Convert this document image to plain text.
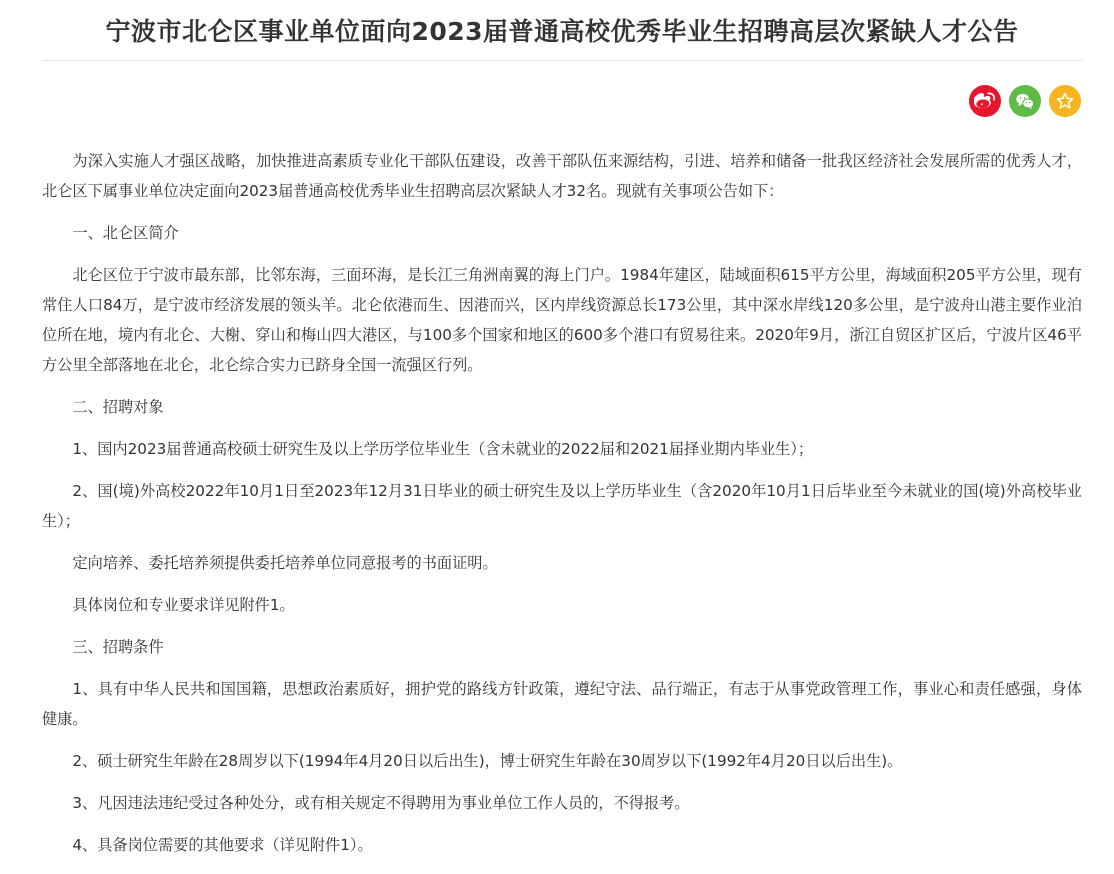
宁波市北仑区事业单位面向2023届普通高校优秀毕业生招聘高层次紧缺人才公告

为深入实施人才强区战略，加快推进高素质专业化干部队伍建设，改善干部队伍来源结构，引进、培养和储备一批我区经济社会发展所需的优秀人才，北仑区下属事业单位决定面向2023届普通高校优秀毕业生招聘高层次紧缺人才32名。现就有关事项公告如下：

一、北仑区简介

北仑区位于宁波市最东部，比邻东海，三面环海，是长江三角洲南翼的海上门户。1984年建区，陆域面积615平方公里，海域面积205平方公里，现有常住人口84万，是宁波市经济发展的领头羊。北仑依港而生、因港而兴，区内岸线资源总长173公里，其中深水岸线120多公里，是宁波舟山港主要作业泊位所在地，境内有北仑、大榭、穿山和梅山四大港区，与100多个国家和地区的600多个港口有贸易往来。2020年9月，浙江自贸区扩区后，宁波片区46平方公里全部落地在北仑，北仑综合实力已跻身全国一流强区行列。

二、招聘对象

1、国内2023届普通高校硕士研究生及以上学历学位毕业生（含未就业的2022届和2021届择业期内毕业生）；

2、国(境)外高校2022年10月1日至2023年12月31日毕业的硕士研究生及以上学历毕业生（含2020年10月1日后毕业至今未就业的国(境)外高校毕业生）；

定向培养、委托培养须提供委托培养单位同意报考的书面证明。

具体岗位和专业要求详见附件1。

三、招聘条件

1、具有中华人民共和国国籍，思想政治素质好，拥护党的路线方针政策，遵纪守法、品行端正，有志于从事党政管理工作，事业心和责任感强，身体健康。

2、硕士研究生年龄在28周岁以下(1994年4月20日以后出生)，博士研究生年龄在30周岁以下(1992年4月20日以后出生)。

3、凡因违法违纪受过各种处分，或有相关规定不得聘用为事业单位工作人员的，不得报考。

4、具备岗位需要的其他要求（详见附件1）。
